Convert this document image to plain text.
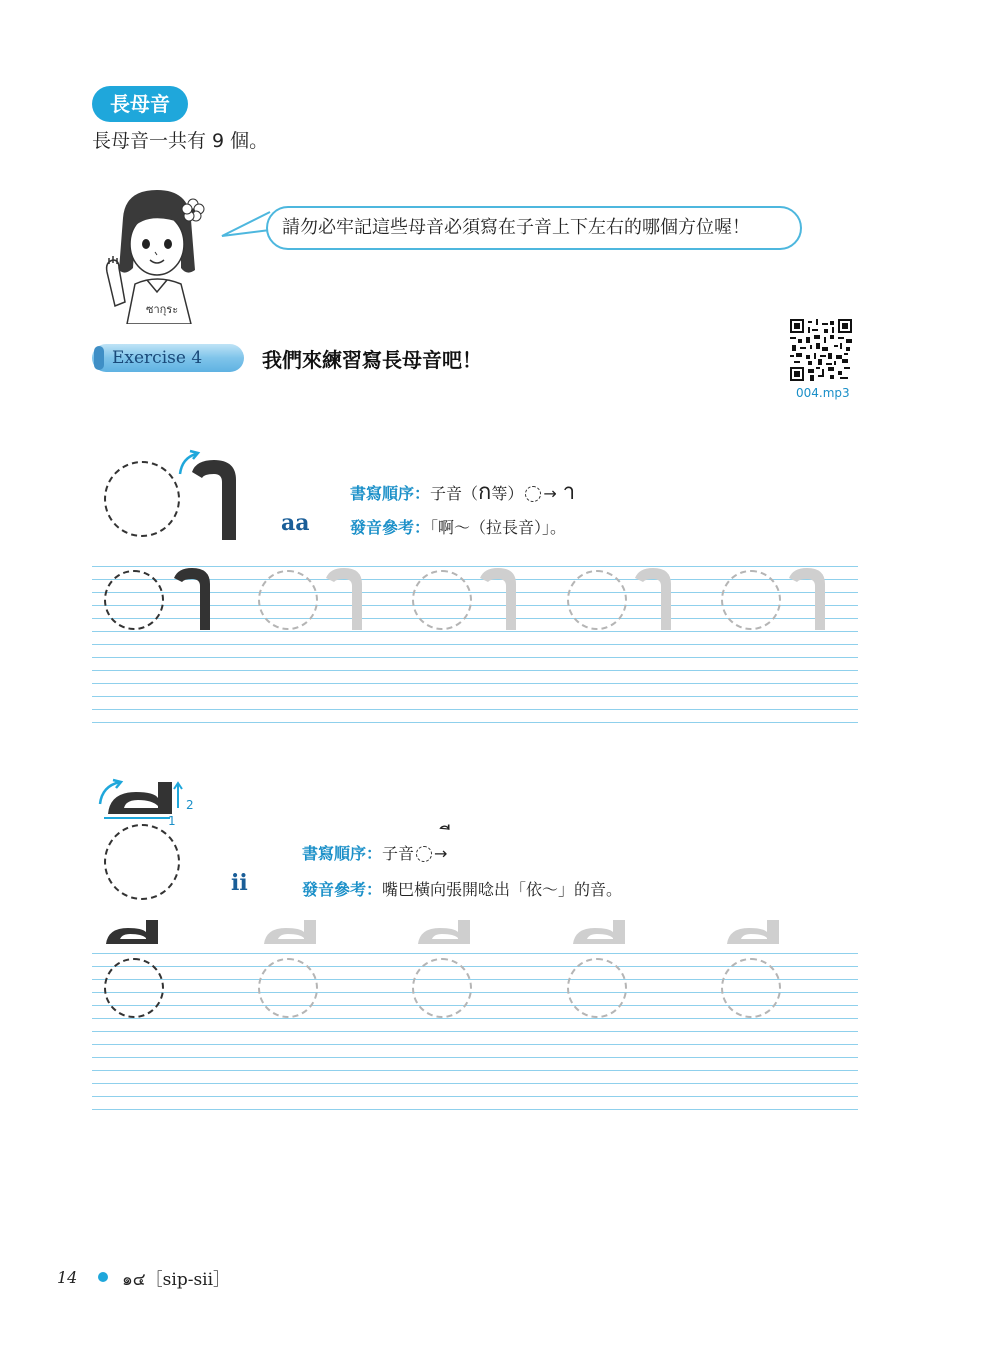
長母音
長母音一共有 9 個。
ซากุระ
請勿必牢記這些母音必須寫在子音上下左右的哪個方位喔！
Exercise 4	我們來練習寫長母音吧！
004.mp3
aa
書寫順序：子音（ก等） → า
發音參考：「啊～（拉長音）」。
2
1
ii
書寫順序：子音 →
發音參考：嘴巴橫向張開唸出「依～」的音。
14	๑๔［sip-sii］
